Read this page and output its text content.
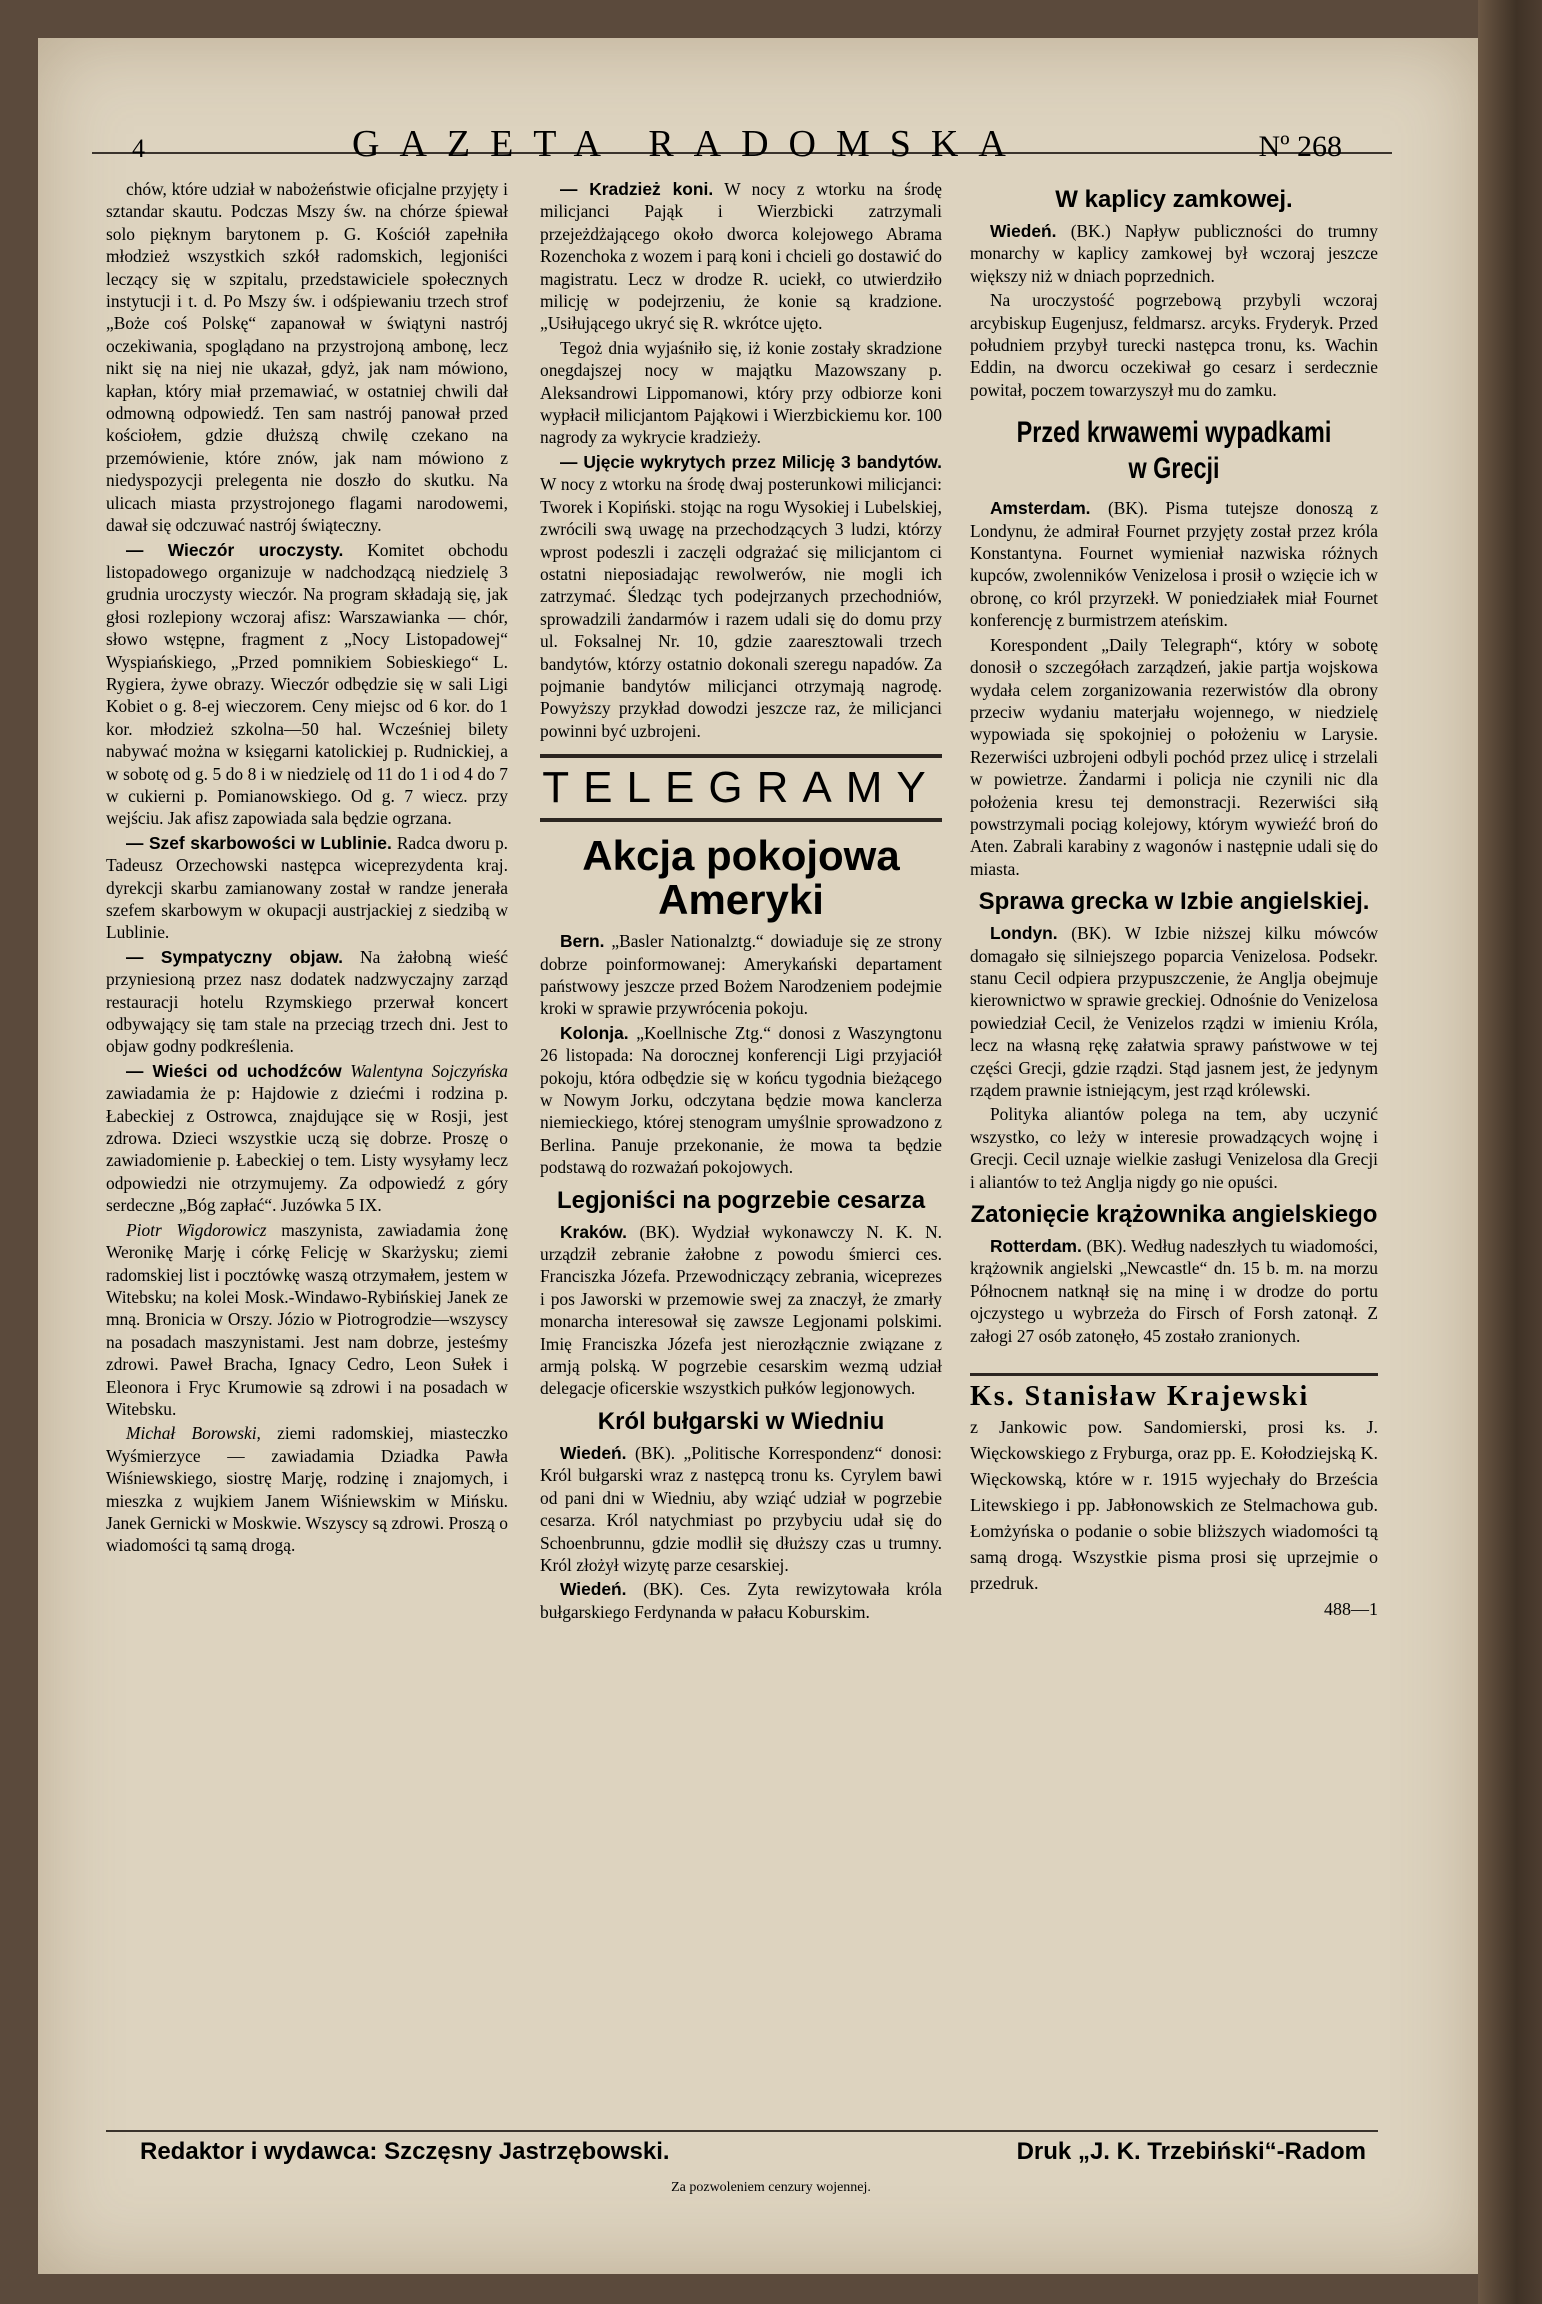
4	GAZETA RADOMSKA	Nº 268

chów, które udział w nabożeństwie oficjalne przyjęty i sztandar skautu. Podczas Mszy św. na chórze śpiewał solo pięknym barytonem p. G. Kościół zapełniła młodzież wszystkich szkół radomskich, legjoniści leczący się w szpitalu, przedstawiciele społecznych instytucji i t. d. Po Mszy św. i odśpiewaniu trzech strof „Boże coś Polskę“ zapanował w świątyni nastrój oczekiwania, spoglądano na przystrojoną ambonę, lecz nikt się na niej nie ukazał, gdyż, jak nam mówiono, kapłan, który miał przemawiać, w ostatniej chwili dał odmowną odpowiedź. Ten sam nastrój panował przed kościołem, gdzie dłuższą chwilę czekano na przemówienie, które znów, jak nam mówiono z niedyspozycji prelegenta nie doszło do skutku. Na ulicach miasta przystrojonego flagami narodowemi, dawał się odczuwać nastrój świąteczny.

— Wieczór uroczysty. Komitet obchodu listopadowego organizuje w nadchodzącą niedzielę 3 grudnia uroczysty wieczór. Na program składają się, jak głosi rozlepiony wczoraj afisz: Warszawianka — chór, słowo wstępne, fragment z „Nocy Listopadowej“ Wyspiańskiego, „Przed pomnikiem Sobieskiego“ L. Rygiera, żywe obrazy. Wieczór odbędzie się w sali Ligi Kobiet o g. 8-ej wieczorem. Ceny miejsc od 6 kor. do 1 kor. młodzież szkolna—50 hal. Wcześniej bilety nabywać można w księgarni katolickiej p. Rudnickiej, a w sobotę od g. 5 do 8 i w niedzielę od 11 do 1 i od 4 do 7 w cukierni p. Pomianowskiego. Od g. 7 wiecz. przy wejściu. Jak afisz zapowiada sala będzie ogrzana.

— Szef skarbowości w Lublinie. Radca dworu p. Tadeusz Orzechowski następca wiceprezydenta kraj. dyrekcji skarbu zamianowany został w randze jenerała szefem skarbowym w okupacji austrjackiej z siedzibą w Lublinie.

— Sympatyczny objaw. Na żałobną wieść przyniesioną przez nasz dodatek nadzwyczajny zarząd restauracji hotelu Rzymskiego przerwał koncert odbywający się tam stale na przeciąg trzech dni. Jest to objaw godny podkreślenia.

— Wieści od uchodźców Walentyna Sojczyńska zawiadamia że p: Hajdowie z dziećmi i rodzina p. Łabeckiej z Ostrowca, znajdujące się w Rosji, jest zdrowa. Dzieci wszystkie uczą się dobrze. Proszę o zawiadomienie p. Łabeckiej o tem. Listy wysyłamy lecz odpowiedzi nie otrzymujemy. Za odpowiedź z góry serdeczne „Bóg zapłać“. Juzówka 5 IX.

Piotr Wigdorowicz maszynista, zawiadamia żonę Weronikę Marję i córkę Felicję w Skarżysku; ziemi radomskiej list i pocztówkę waszą otrzymałem, jestem w Witebsku; na kolei Mosk.-Windawo-Rybińskiej Janek ze mną. Bronicia w Orszy. Józio w Piotrogrodzie—wszyscy na posadach maszynistami. Jest nam dobrze, jesteśmy zdrowi. Paweł Bracha, Ignacy Cedro, Leon Sułek i Eleonora i Fryc Krumowie są zdrowi i na posadach w Witebsku.

Michał Borowski, ziemi radomskiej, miasteczko Wyśmierzyce — zawiadamia Dziadka Pawła Wiśniewskiego, siostrę Marję, rodzinę i znajomych, i mieszka z wujkiem Janem Wiśniewskim w Mińsku. Janek Gernicki w Moskwie. Wszyscy są zdrowi. Proszą o wiadomości tą samą drogą.

— Kradzież koni. W nocy z wtorku na środę milicjanci Pająk i Wierzbicki zatrzymali przejeżdżającego około dworca kolejowego Abrama Rozenchoka z wozem i parą koni i chcieli go dostawić do magistratu. Lecz w drodze R. uciekł, co utwierdziło milicję w podejrzeniu, że konie są kradzione. „Usiłującego ukryć się R. wkrótce ujęto.

Tegoż dnia wyjaśniło się, iż konie zostały skradzione onegdajszej nocy w majątku Mazowszany p. Aleksandrowi Lippomanowi, który przy odbiorze koni wypłacił milicjantom Pająkowi i Wierzbickiemu kor. 100 nagrody za wykrycie kradzieży.

— Ujęcie wykrytych przez Milicję 3 bandytów. W nocy z wtorku na środę dwaj posterunkowi milicjanci: Tworek i Kopiński. stojąc na rogu Wysokiej i Lubelskiej, zwrócili swą uwagę na przechodzących 3 ludzi, którzy wprost podeszli i zaczęli odgrażać się milicjantom ci ostatni nieposiadając rewolwerów, nie mogli ich zatrzymać. Śledząc tych podejrzanych przechodniów, sprowadzili żandarmów i razem udali się do domu przy ul. Foksalnej Nr. 10, gdzie zaaresztowali trzech bandytów, którzy ostatnio dokonali szeregu napadów. Za pojmanie bandytów milicjanci otrzymają nagrodę. Powyższy przykład dowodzi jeszcze raz, że milicjanci powinni być uzbrojeni.

TELEGRAMY
Akcja pokojowa Ameryki

Bern. „Basler Nationalztg.“ dowiaduje się ze strony dobrze poinformowanej: Amerykański departament państwowy jeszcze przed Bożem Narodzeniem podejmie kroki w sprawie przywrócenia pokoju.

Kolonja. „Koellnische Ztg.“ donosi z Waszyngtonu 26 listopada: Na dorocznej konferencji Ligi przyjaciół pokoju, która odbędzie się w końcu tygodnia bieżącego w Nowym Jorku, odczytana będzie mowa kanclerza niemieckiego, której stenogram umyślnie sprowadzono z Berlina. Panuje przekonanie, że mowa ta będzie podstawą do rozważań pokojowych.

Legjoniści na pogrzebie cesarza

Kraków. (BK). Wydział wykonawczy N. K. N. urządził zebranie żałobne z powodu śmierci ces. Franciszka Józefa. Przewodniczący zebrania, wiceprezes i pos Jaworski w przemowie swej za znaczył, że zmarły monarcha interesował się zawsze Legjonami polskimi. Imię Franciszka Józefa jest nierozłącznie związane z armją polską. W pogrzebie cesarskim wezmą udział delegacje oficerskie wszystkich pułków legjonowych.

Król bułgarski w Wiedniu

Wiedeń. (BK). „Politische Korrespondenz“ donosi: Król bułgarski wraz z następcą tronu ks. Cyrylem bawi od pani dni w Wiedniu, aby wziąć udział w pogrzebie cesarza. Król natychmiast po przybyciu udał się do Schoenbrunnu, gdzie modlił się dłuższy czas u trumny. Król złożył wizytę parze cesarskiej.

Wiedeń. (BK). Ces. Zyta rewizytowała króla bułgarskiego Ferdynanda w pałacu Koburskim.

W kaplicy zamkowej.

Wiedeń. (BK.) Napływ publiczności do trumny monarchy w kaplicy zamkowej był wczoraj jeszcze większy niż w dniach poprzednich.

Na uroczystość pogrzebową przybyli wczoraj arcybiskup Eugenjusz, feldmarsz. arcyks. Fryderyk. Przed południem przybył turecki następca tronu, ks. Wachin Eddin, na dworcu oczekiwał go cesarz i serdecznie powitał, poczem towarzyszył mu do zamku.

Przed krwawemi wypadkami w Grecji

Amsterdam. (BK). Pisma tutejsze donoszą z Londynu, że admirał Fournet przyjęty został przez króla Konstantyna. Fournet wymieniał nazwiska różnych kupców, zwolenników Venizelosa i prosił o wzięcie ich w obronę, co król przyrzekł. W poniedziałek miał Fournet konferencję z burmistrzem ateńskim.

Korespondent „Daily Telegraph“, który w sobotę donosił o szczegółach zarządzeń, jakie partja wojskowa wydała celem zorganizowania rezerwistów dla obrony przeciw wydaniu materjału wojennego, w niedzielę wypowiada się spokojniej o położeniu w Larysie. Rezerwiści uzbrojeni odbyli pochód przez ulicę i strzelali w powietrze. Żandarmi i policja nie czynili nic dla położenia kresu tej demonstracji. Rezerwiści siłą powstrzymali pociąg kolejowy, którym wywieźć broń do Aten. Zabrali karabiny z wagonów i następnie udali się do miasta.

Sprawa grecka w Izbie angielskiej.

Londyn. (BK). W Izbie niższej kilku mówców domagało się silniejszego poparcia Venizelosa. Podsekr. stanu Cecil odpiera przypuszczenie, że Anglja obejmuje kierownictwo w sprawie greckiej. Odnośnie do Venizelosa powiedział Cecil, że Venizelos rządzi w imieniu Króla, lecz na własną rękę załatwia sprawy państwowe w tej części Grecji, gdzie rządzi. Stąd jasnem jest, że jedynym rządem prawnie istniejącym, jest rząd królewski.

Polityka aliantów polega na tem, aby uczynić wszystko, co leży w interesie prowadzących wojnę i Grecji. Cecil uznaje wielkie zasługi Venizelosa dla Grecji i aliantów to też Anglja nigdy go nie opuści.

Zatonięcie krążownika angielskiego

Rotterdam. (BK). Według nadeszłych tu wiadomości, krążownik angielski „Newcastle“ dn. 15 b. m. na morzu Północnem natknął się na minę i w drodze do portu ojczystego u wybrzeża do Firsch of Forsh zatonął. Z załogi 27 osób zatonęło, 45 zostało zranionych.

Ks. Stanisław Krajewski
z Jankowic pow. Sandomierski, prosi ks. J. Więckowskiego z Fryburga, oraz pp. E. Kołodziejską K. Więckowską, które w r. 1915 wyjechały do Brześcia Litewskiego i pp. Jabłonowskich ze Stelmachowa gub. Łomżyńska o podanie o sobie bliższych wiadomości tą samą drogą. Wszystkie pisma prosi się uprzejmie o przedruk.
488—1
Redaktor i wydawca: Szczęsny Jastrzębowski.	Druk „J. K. Trzebiński“-Radom
Za pozwoleniem cenzury wojennej.
